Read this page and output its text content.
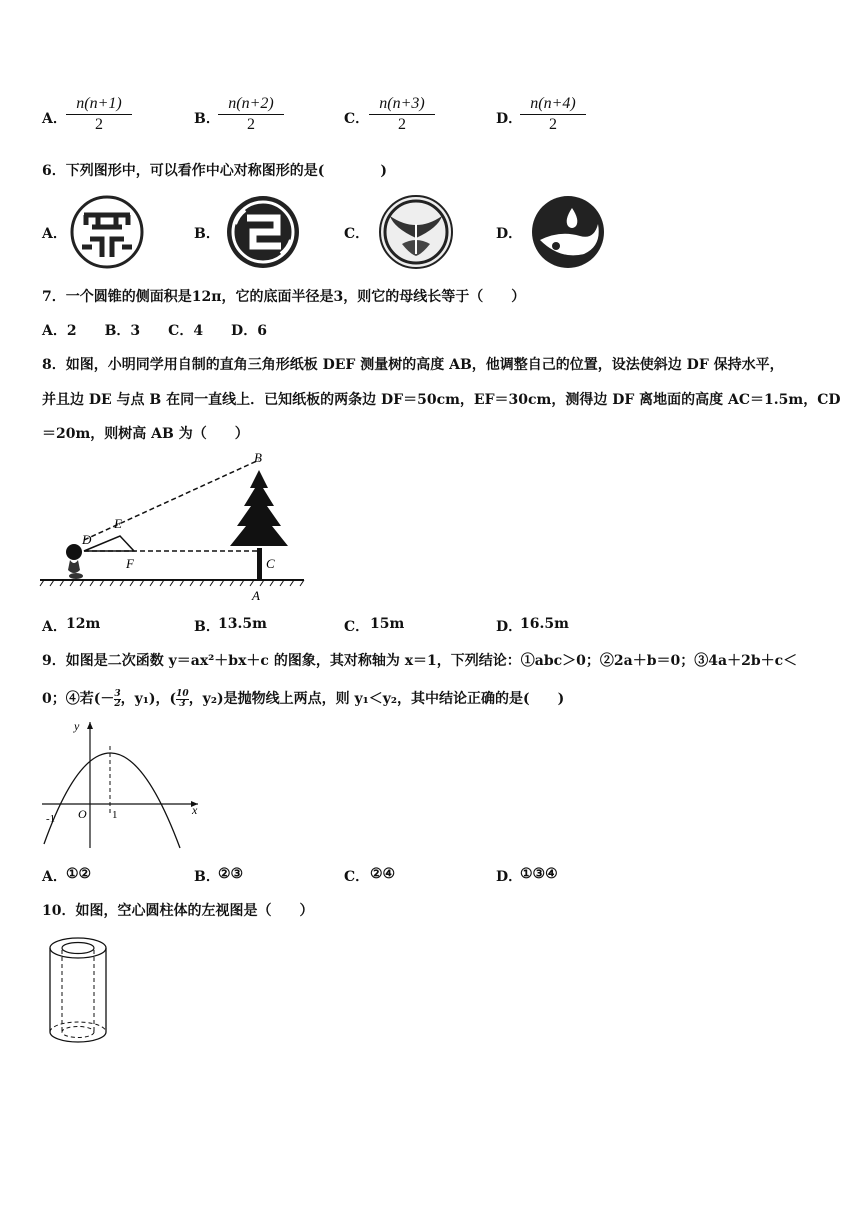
A．
n(n+1)
2	B．
n(n+2)
2	C．
n(n+3)
2	D．
n(n+4)
2
6．下列图形中，可以看作中心对称图形的是(　　　　)
A．	B．	C．	D．
7．一个圆锥的侧面积是12π，它的底面半径是3，则它的母线长等于（　　）
A．2　　B．3　　C．4　　D．6
8．如图，小明同学用自制的直角三角形纸板 DEF 测量树的高度 AB，他调整自己的位置，设法使斜边 DF 保持水平，
并且边 DE 与点 B 在同一直线上．已知纸板的两条边 DF＝50cm，EF＝30cm，测得边 DF 离地面的高度 AC＝1.5m，CD
＝20m，则树高 AB 为（　　）
B
E
D
F	C
A
A． 12m	B．
13.5m	C． 15m	D．
16.5m
9．如图是二次函数 y＝ax²＋bx＋c 的图象，其对称轴为 x＝1，下列结论：①abc＞0；②2a＋b＝0；③4a＋2b＋c＜
0；④若($-\frac{3}{2}$，y₁)，($\frac{10}{3}$，y₂)是抛物线上两点，则 y₁＜y₂，其中结论正确的是(　　)
y
x
O
-1	1
A． ①②	B．
②③	C． ②④	D．
①③④
10．如图，空心圆柱体的左视图是（　　）
